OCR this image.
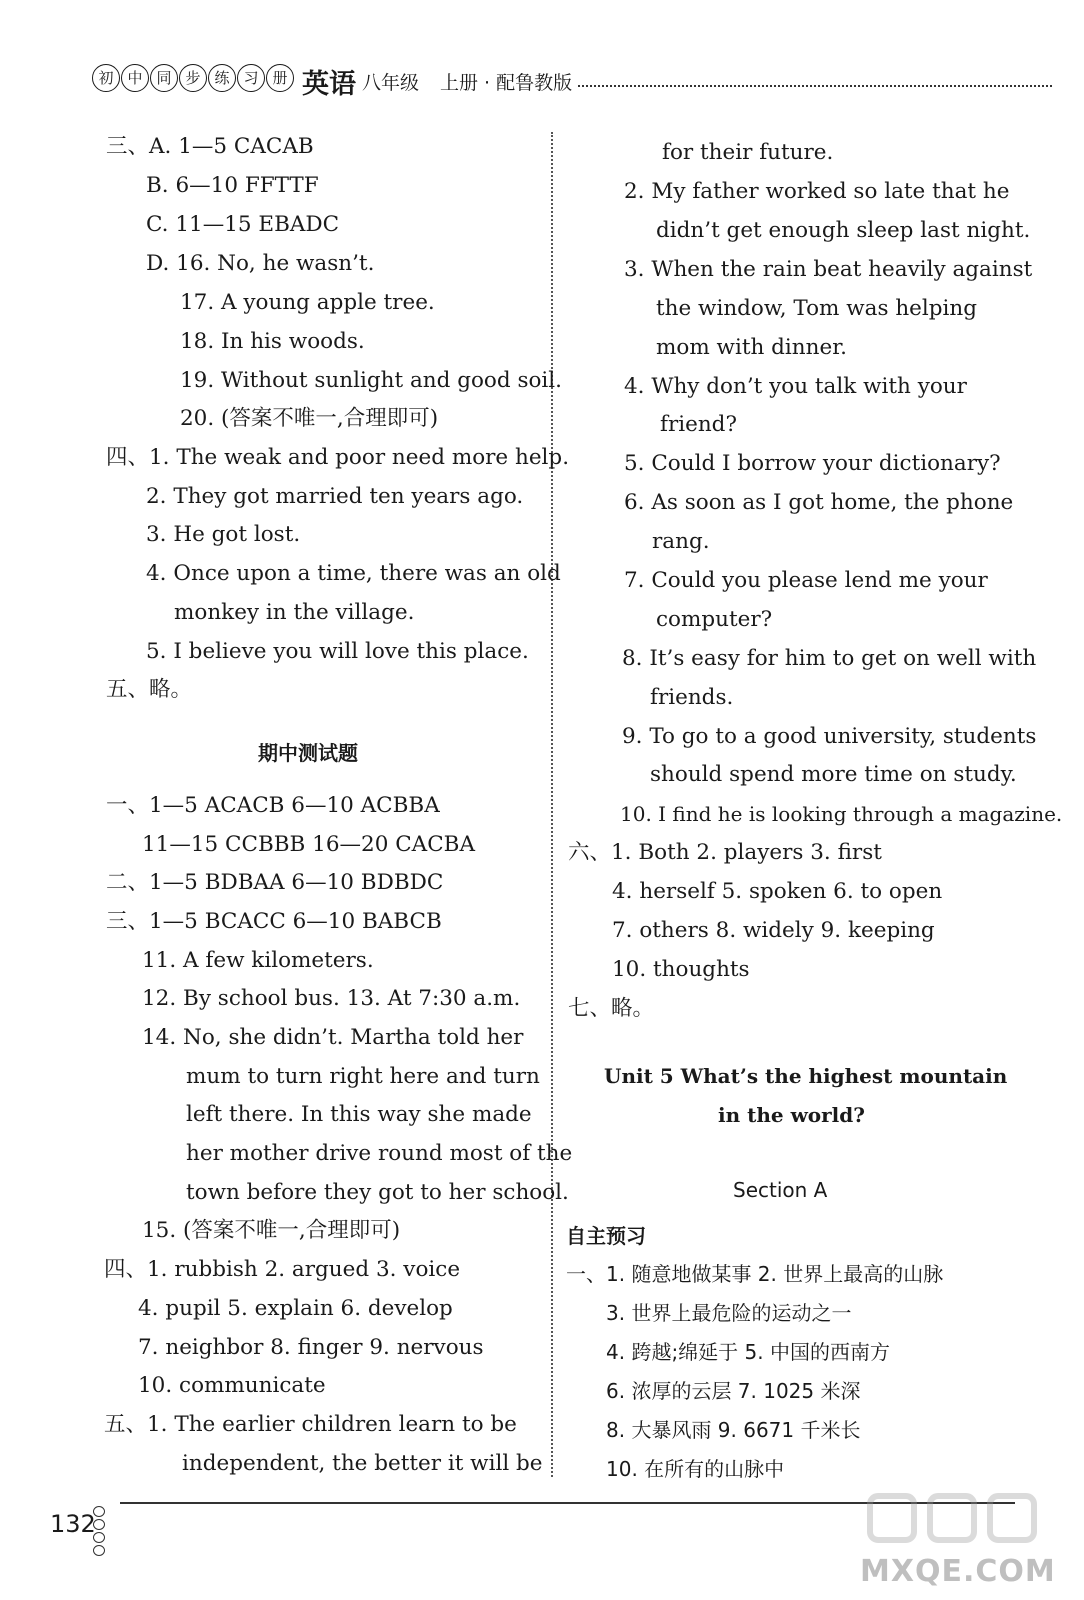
初 中 同 步 练 习 册 英语 八年级 上册 · 配鲁教版
三、A. 1—5 CACAB
B. 6—10 FFTTF
C. 11—15 EBADC
D. 16. No, he wasn’t.
17. A young apple tree.
18. In his woods.
19. Without sunlight and good soil.
20. (答案不唯一,合理即可)
四、1. The weak and poor need more help.
2. They got married ten years ago.
3. He got lost.
4. Once upon a time, there was an old
monkey in the village.
5. I believe you will love this place.
五、略。
期中测试题
一、1—5 ACACB 6—10 ACBBA
11—15 CCBBB 16—20 CACBA
二、1—5 BDBAA 6—10 BDBDC
三、1—5 BCACC 6—10 BABCB
11. A few kilometers.
12. By school bus. 13. At 7:30 a.m.
14. No, she didn’t. Martha told her
mum to turn right here and turn
left there. In this way she made
her mother drive round most of the
town before they got to her school.
15. (答案不唯一,合理即可)
四、1. rubbish 2. argued 3. voice
4. pupil 5. explain 6. develop
7. neighbor 8. finger 9. nervous
10. communicate
五、1. The earlier children learn to be
independent, the better it will be
for their future.
2. My father worked so late that he
didn’t get enough sleep last night.
3. When the rain beat heavily against
the window, Tom was helping
mom with dinner.
4. Why don’t you talk with your
friend?
5. Could I borrow your dictionary?
6. As soon as I got home, the phone
rang.
7. Could you please lend me your
computer?
8. It’s easy for him to get on well with
friends.
9. To go to a good university, students
should spend more time on study.
10. I find he is looking through a magazine.
六、1. Both 2. players 3. first
4. herself 5. spoken 6. to open
7. others 8. widely 9. keeping
10. thoughts
七、略。
Unit 5 What’s the highest mountain
in the world?
Section A
自主预习
一、1. 随意地做某事 2. 世界上最高的山脉
3. 世界上最危险的运动之一
4. 跨越;绵延于 5. 中国的西南方
6. 浓厚的云层 7. 1025 米深
8. 大暴风雨 9. 6671 千米长
10. 在所有的山脉中
132
MXQE.COM
